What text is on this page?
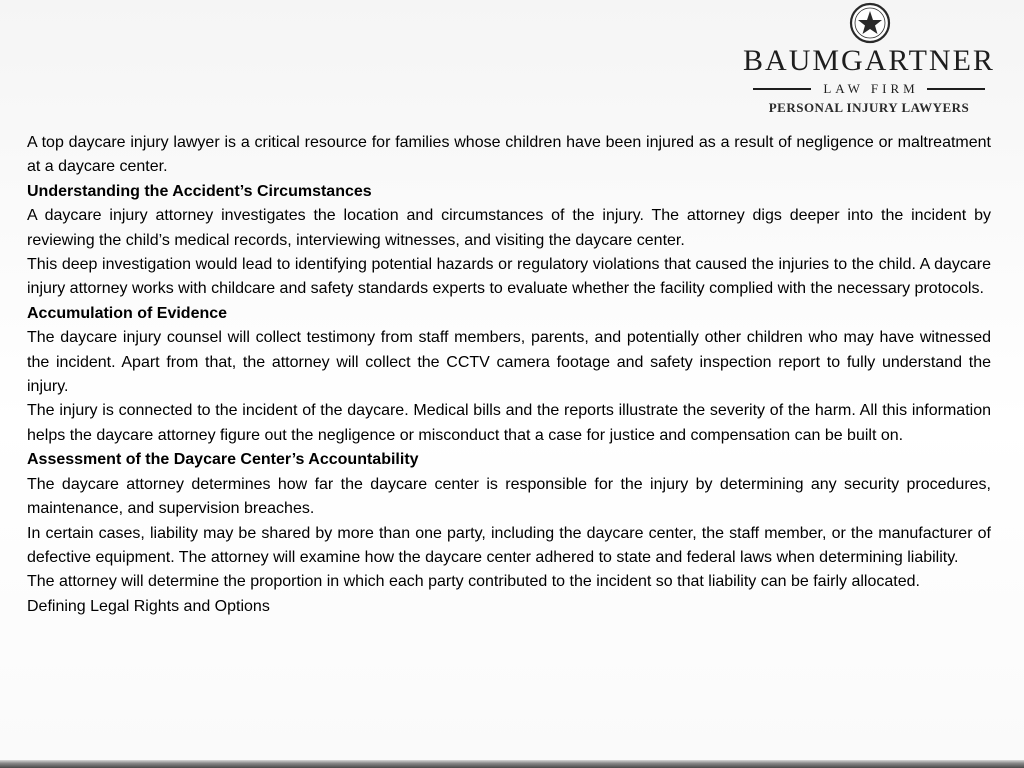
BAUMGARTNER
LAW FIRM
PERSONAL INJURY LAWYERS

A top daycare injury lawyer is a critical resource for families whose children have been injured as a result of negligence or maltreatment at a daycare center.

Understanding the Accident’s Circumstances

A daycare injury attorney investigates the location and circumstances of the injury. The attorney digs deeper into the incident by reviewing the child’s medical records, interviewing witnesses, and visiting the daycare center.

This deep investigation would lead to identifying potential hazards or regulatory violations that caused the injuries to the child. A daycare injury attorney works with childcare and safety standards experts to evaluate whether the facility complied with the necessary protocols.

Accumulation of Evidence

The daycare injury counsel will collect testimony from staff members, parents, and potentially other children who may have witnessed the incident. Apart from that, the attorney will collect the CCTV camera footage and safety inspection report to fully understand the injury.

The injury is connected to the incident of the daycare. Medical bills and the reports illustrate the severity of the harm. All this information helps the daycare attorney figure out the negligence or misconduct that a case for justice and compensation can be built on.

Assessment of the Daycare Center’s Accountability

The daycare attorney determines how far the daycare center is responsible for the injury by determining any security procedures, maintenance, and supervision breaches.

In certain cases, liability may be shared by more than one party, including the daycare center, the staff member, or the manufacturer of defective equipment. The attorney will examine how the daycare center adhered to state and federal laws when determining liability.

The attorney will determine the proportion in which each party contributed to the incident so that liability can be fairly allocated.

Defining Legal Rights and Options
